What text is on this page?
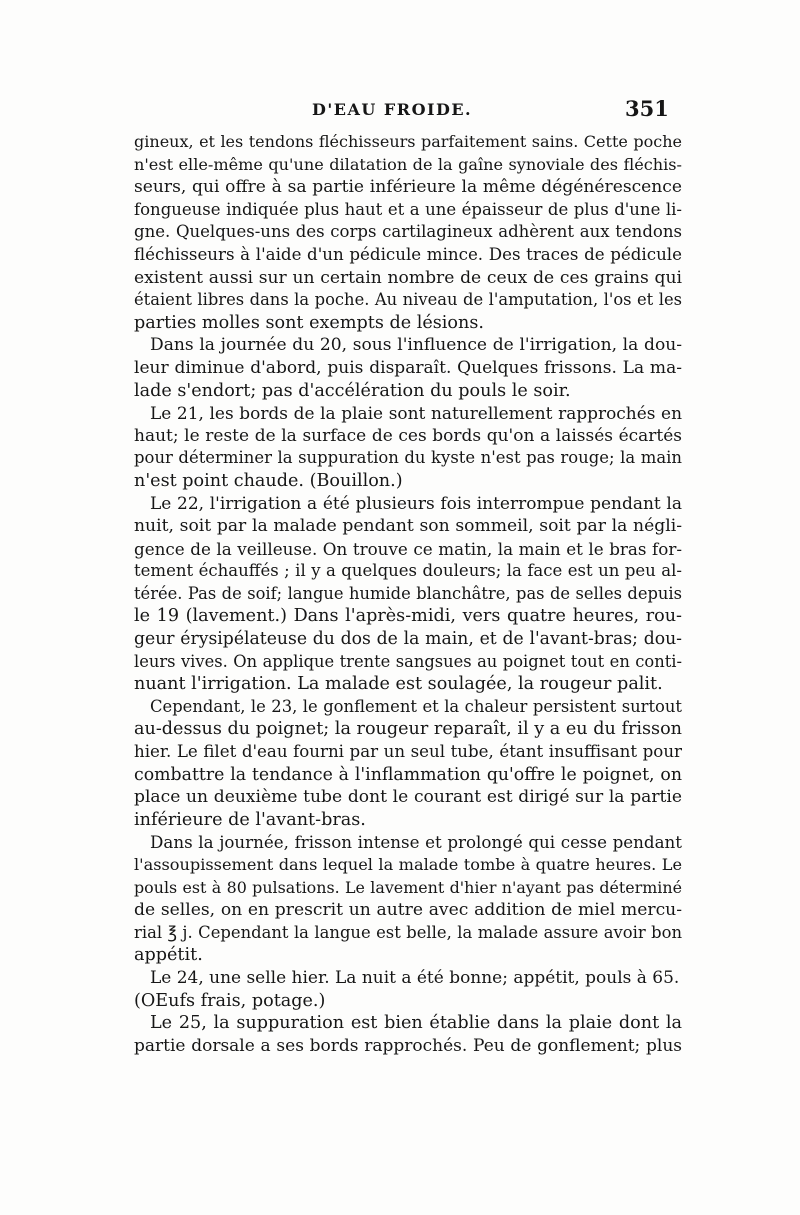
D'EAU FROIDE.	351
gineux, et les tendons fléchisseurs parfaitement sains. Cette poche
n'est elle-même qu'une dilatation de la gaîne synoviale des fléchis-
seurs, qui offre à sa partie inférieure la même dégénérescence
fongueuse indiquée plus haut et a une épaisseur de plus d'une li-
gne. Quelques-uns des corps cartilagineux adhèrent aux tendons
fléchisseurs à l'aide d'un pédicule mince. Des traces de pédicule
existent aussi sur un certain nombre de ceux de ces grains qui
étaient libres dans la poche. Au niveau de l'amputation, l'os et les
parties molles sont exempts de lésions.
Dans la journée du 20, sous l'influence de l'irrigation, la dou-
leur diminue d'abord, puis disparaît. Quelques frissons. La ma-
lade s'endort; pas d'accélération du pouls le soir.
Le 21, les bords de la plaie sont naturellement rapprochés en
haut; le reste de la surface de ces bords qu'on a laissés écartés
pour déterminer la suppuration du kyste n'est pas rouge; la main
n'est point chaude. (Bouillon.)
Le 22, l'irrigation a été plusieurs fois interrompue pendant la
nuit, soit par la malade pendant son sommeil, soit par la négli-
gence de la veilleuse. On trouve ce matin, la main et le bras for-
tement échauffés ; il y a quelques douleurs; la face est un peu al-
térée. Pas de soif; langue humide blanchâtre, pas de selles depuis
le 19 (lavement.) Dans l'après-midi, vers quatre heures, rou-
geur érysipélateuse du dos de la main, et de l'avant-bras; dou-
leurs vives. On applique trente sangsues au poignet tout en conti-
nuant l'irrigation. La malade est soulagée, la rougeur palit.
Cependant, le 23, le gonflement et la chaleur persistent surtout
au-dessus du poignet; la rougeur reparaît, il y a eu du frisson
hier. Le filet d'eau fourni par un seul tube, étant insuffisant pour
combattre la tendance à l'inflammation qu'offre le poignet, on
place un deuxième tube dont le courant est dirigé sur la partie
inférieure de l'avant-bras.
Dans la journée, frisson intense et prolongé qui cesse pendant
l'assoupissement dans lequel la malade tombe à quatre heures. Le
pouls est à 80 pulsations. Le lavement d'hier n'ayant pas déterminé
de selles, on en prescrit un autre avec addition de miel mercu-
rial ℥ j. Cependant la langue est belle, la malade assure avoir bon
appétit.
Le 24, une selle hier. La nuit a été bonne; appétit, pouls à 65.
(OEufs frais, potage.)
Le 25, la suppuration est bien établie dans la plaie dont la
partie dorsale a ses bords rapprochés. Peu de gonflement; plus
